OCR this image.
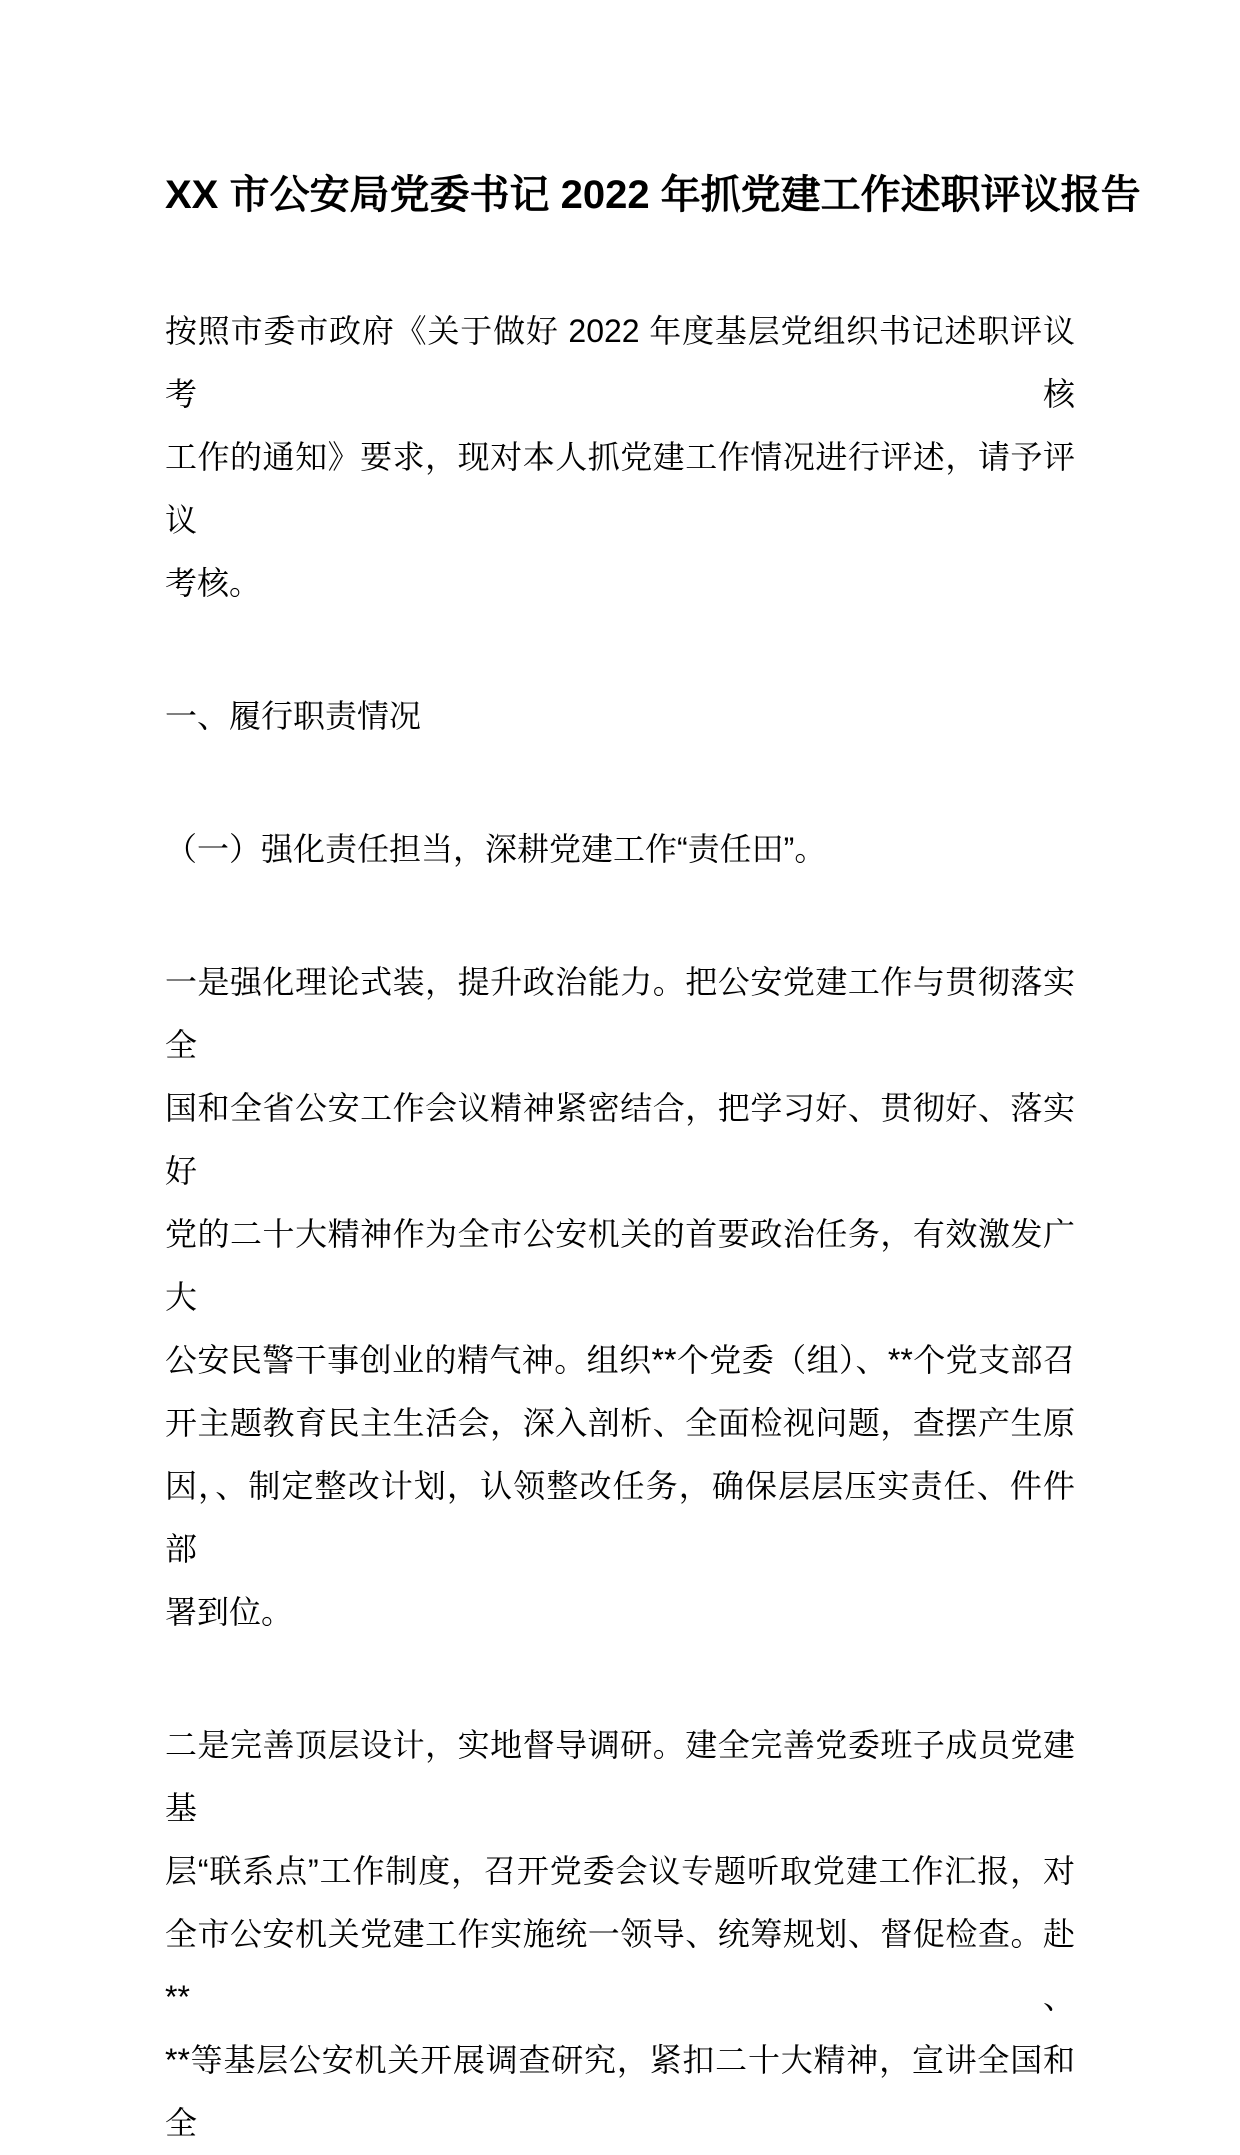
XX 市公安局党委书记 2022 年抓党建工作述职评议报告

按照市委市政府《关于做好 2022 年度基层党组织书记述职评议考核
工作的通知》要求，现对本人抓党建工作情况进行评述，请予评议
考核。

一、履行职责情况

（一）强化责任担当，深耕党建工作“责任田”。

一是强化理论式装，提升政治能力。把公安党建工作与贯彻落实全
国和全省公安工作会议精神紧密结合，把学习好、贯彻好、落实好
党的二十大精神作为全市公安机关的首要政治任务，有效激发广大
公安民警干事创业的精气神。组织**个党委（组）、**个党支部召
开主题教育民主生活会，深入剖析、全面检视问题，查摆产生原
因，、制定整改计划，认领整改任务，确保层层压实责任、件件部
署到位。

二是完善顶层设计，实地督导调研。建全完善党委班子成员党建基
层“联系点”工作制度，召开党委会议专题听取党建工作汇报，对
全市公安机关党建工作实施统一领导、统筹规划、督促检查。赴**、
**等基层公安机关开展调查研究，紧扣二十大精神，宣讲全国和全
